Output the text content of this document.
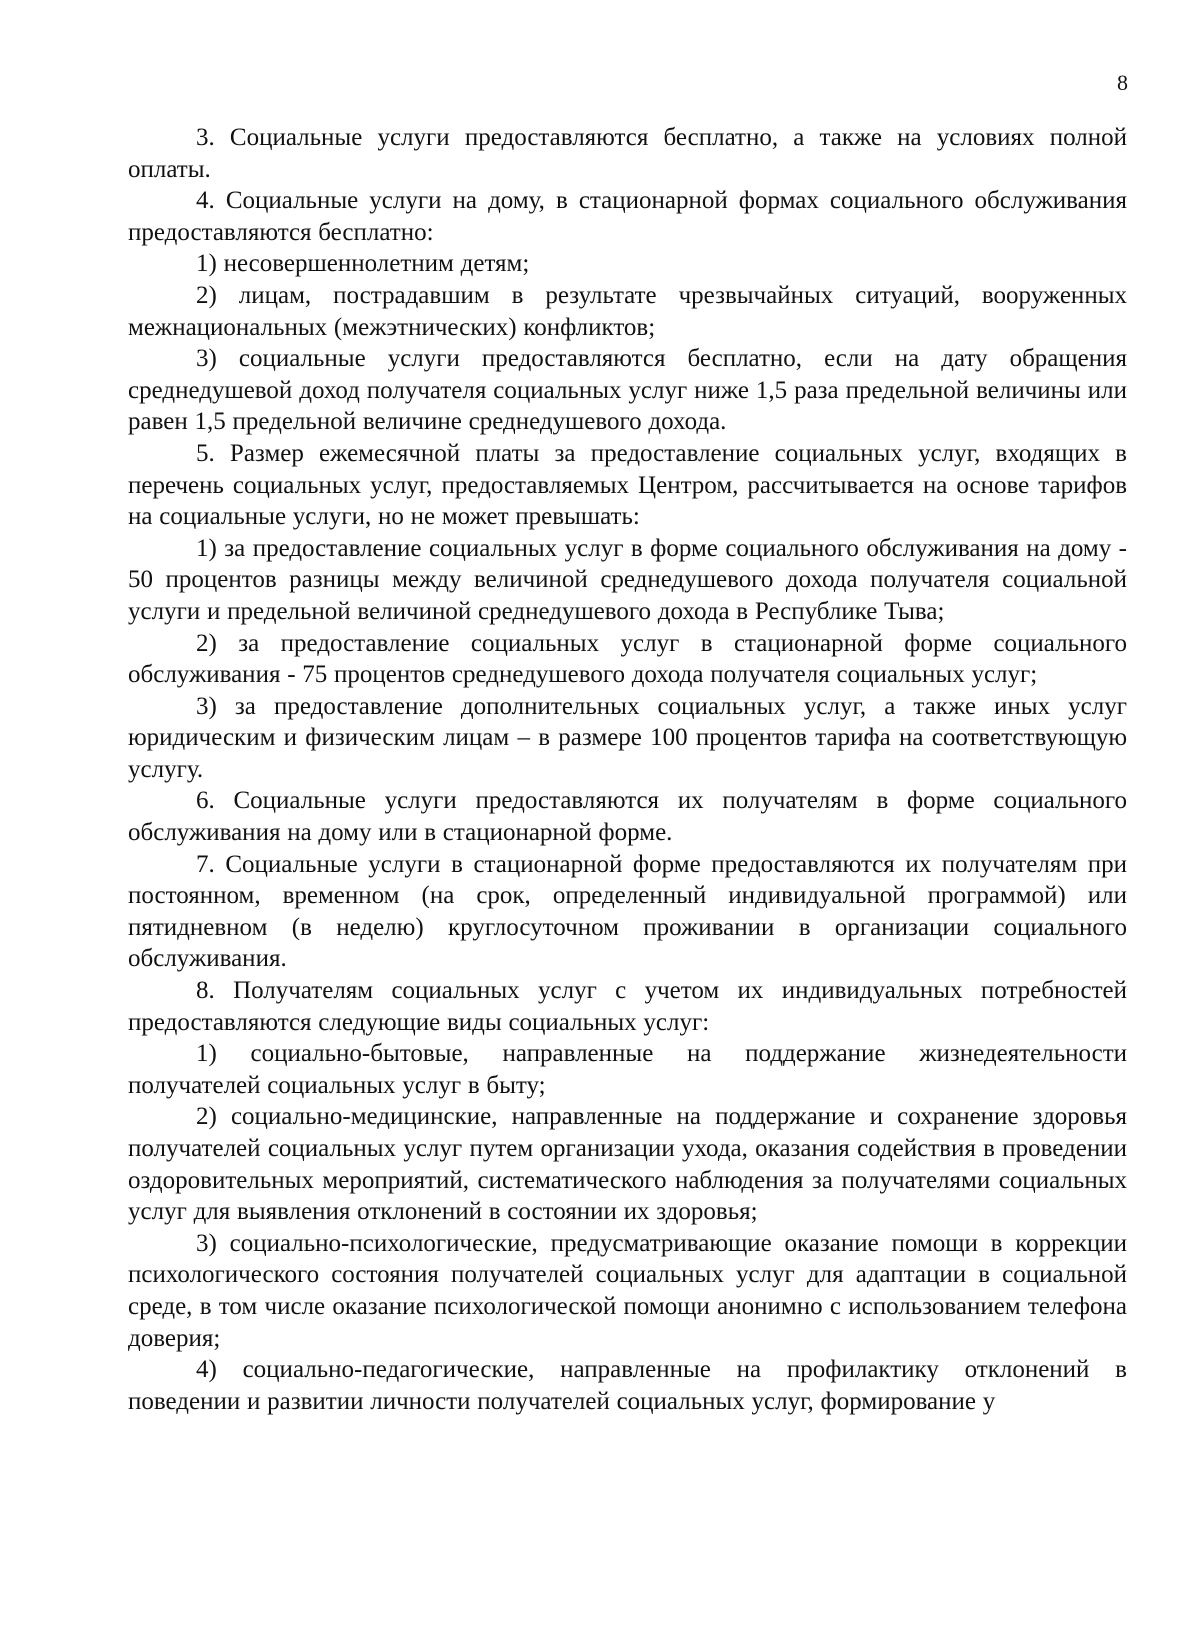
8

3. Социальные услуги предоставляются бесплатно, а также на условиях полной оплаты.

4. Социальные услуги на дому, в стационарной формах социального обслуживания предоставляются бесплатно:

1) несовершеннолетним детям;

2) лицам, пострадавшим в результате чрезвычайных ситуаций, вооруженных межнациональных (межэтнических) конфликтов;

3) социальные услуги предоставляются бесплатно, если на дату обращения среднедушевой доход получателя социальных услуг ниже 1,5 раза предельной величины или равен 1,5 предельной величине среднедушевого дохода.

5. Размер ежемесячной платы за предоставление социальных услуг, входящих в перечень социальных услуг, предоставляемых Центром, рассчитывается на основе тарифов на социальные услуги, но не может превышать:

1) за предоставление социальных услуг в форме социального обслуживания на дому - 50 процентов разницы между величиной среднедушевого дохода получателя социальной услуги и предельной величиной среднедушевого дохода в Республике Тыва;

2) за предоставление социальных услуг в стационарной форме социального обслуживания - 75 процентов среднедушевого дохода получателя социальных услуг;

3) за предоставление дополнительных социальных услуг, а также иных услуг юридическим и физическим лицам – в размере 100 процентов тарифа на соответствующую услугу.

6. Социальные услуги предоставляются их получателям в форме социального обслуживания на дому или в стационарной форме.

7. Социальные услуги в стационарной форме предоставляются их получателям при постоянном, временном (на срок, определенный индивидуальной программой) или пятидневном (в неделю) круглосуточном проживании в организации социального обслуживания.

8. Получателям социальных услуг с учетом их индивидуальных потребностей предоставляются следующие виды социальных услуг:

1) социально-бытовые, направленные на поддержание жизнедеятельности получателей социальных услуг в быту;

2) социально-медицинские, направленные на поддержание и сохранение здоровья получателей социальных услуг путем организации ухода, оказания содействия в проведении оздоровительных мероприятий, систематического наблюдения за получателями социальных услуг для выявления отклонений в состоянии их здоровья;

3) социально-психологические, предусматривающие оказание помощи в коррекции психологического состояния получателей социальных услуг для адаптации в социальной среде, в том числе оказание психологической помощи анонимно с использованием телефона доверия;

4) социально-педагогические, направленные на профилактику отклонений в поведении и развитии личности получателей социальных услуг, формирование у
